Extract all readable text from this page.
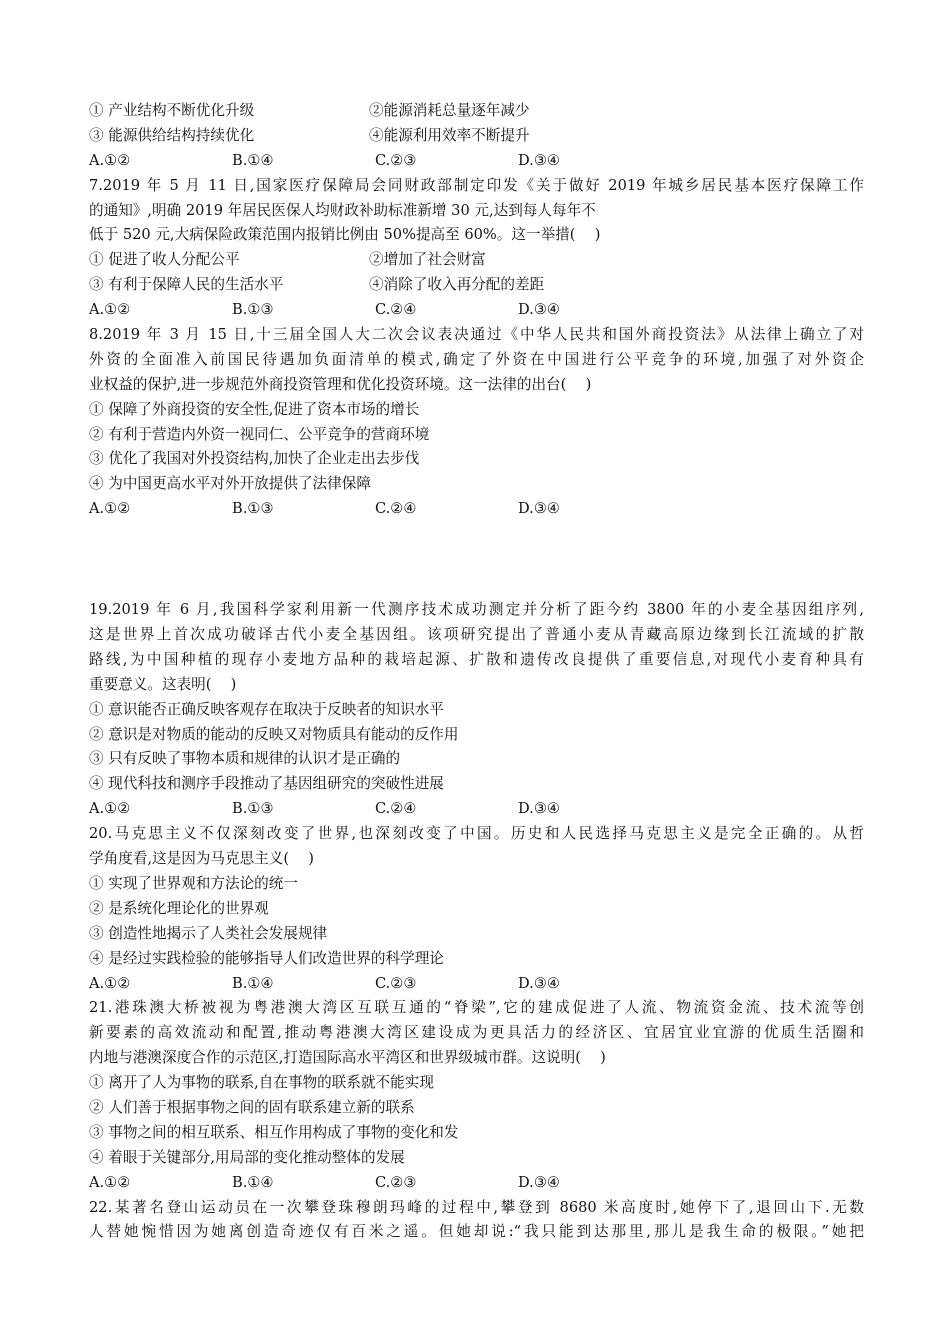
① 产业结构不断优化升级	②能源消耗总量逐年减少
③ 能源供给结构持续优化	④能源利用效率不断提升
A.①②	B.①④	C.②③	D.③④
7.2019 年 5 月 11 日,国家医疗保障局会同财政部制定印发《关于做好 2019 年城乡居民基本医疗保障工作
的通知》,明确 2019 年居民医保人均财政补助标准新增 30 元,达到每人每年不
低于 520 元,大病保险政策范围内报销比例由 50%提高至 60%。这一举措(　 )
① 促进了收人分配公平	②增加了社会财富
③ 有利于保障人民的生活水平	④消除了收入再分配的差距
A.①②	B.①③	C.②④	D.③④
8.2019 年 3 月 15 日,十三届全国人大二次会议表决通过《中华人民共和国外商投资法》从法律上确立了对
外资的全面准入前国民待遇加负面清单的模式,确定了外资在中国进行公平竞争的环境,加强了对外资企
业权益的保护,进一步规范外商投资管理和优化投资环境。这一法律的出台(　 )
① 保障了外商投资的安全性,促进了资本市场的增长
② 有利于营造内外资一视同仁、公平竞争的营商环境
③ 优化了我国对外投资结构,加快了企业走出去步伐
④ 为中国更高水平对外开放提供了法律保障
A.①②	B.①③	C.②④	D.③④
19.2019 年 6 月,我国科学家利用新一代测序技术成功测定并分析了距今约 3800 年的小麦全基因组序列,
这是世界上首次成功破译古代小麦全基因组。该项研究提出了普通小麦从青藏高原边缘到长江流域的扩散
路线,为中国种植的现存小麦地方品种的栽培起源、扩散和遗传改良提供了重要信息,对现代小麦育种具有
重要意义。这表明(　 )
① 意识能否正确反映客观存在取决于反映者的知识水平
② 意识是对物质的能动的反映又对物质具有能动的反作用
③ 只有反映了事物本质和规律的认识才是正确的
④ 现代科技和测序手段推动了基因组研究的突破性进展
A.①②	B.①③	C.②④	D.③④
20.马克思主义不仅深刻改变了世界,也深刻改变了中国。历史和人民选择马克思主义是完全正确的。从哲
学角度看,这是因为马克思主义(　 )
① 实现了世界观和方法论的统一
② 是系统化理论化的世界观
③ 创造性地揭示了人类社会发展规律
④ 是经过实践检验的能够指导人们改造世界的科学理论
A.①②	B.①④	C.②③	D.③④
21.港珠澳大桥被视为粤港澳大湾区互联互通的“脊梁”,它的建成促进了人流、物流资金流、技术流等创
新要素的高效流动和配置,推动粤港澳大湾区建设成为更具活力的经济区、宜居宜业宜游的优质生活圈和
内地与港澳深度合作的示范区,打造国际高水平湾区和世界级城市群。这说明(　 )
① 离开了人为事物的联系,自在事物的联系就不能实现
② 人们善于根据事物之间的固有联系建立新的联系
③ 事物之间的相互联系、相互作用构成了事物的变化和发
④ 着眼于关键部分,用局部的变化推动整体的发展
A.①②	B.①④	C.②③	D.③④
22.某著名登山运动员在一次攀登珠穆朗玛峰的过程中,攀登到 8680 米高度时,她停下了,退回山下.无数
人替她惋惜因为她离创造奇迹仅有百米之遥。但她却说:“我只能到达那里,那儿是我生命的极限。”她把
